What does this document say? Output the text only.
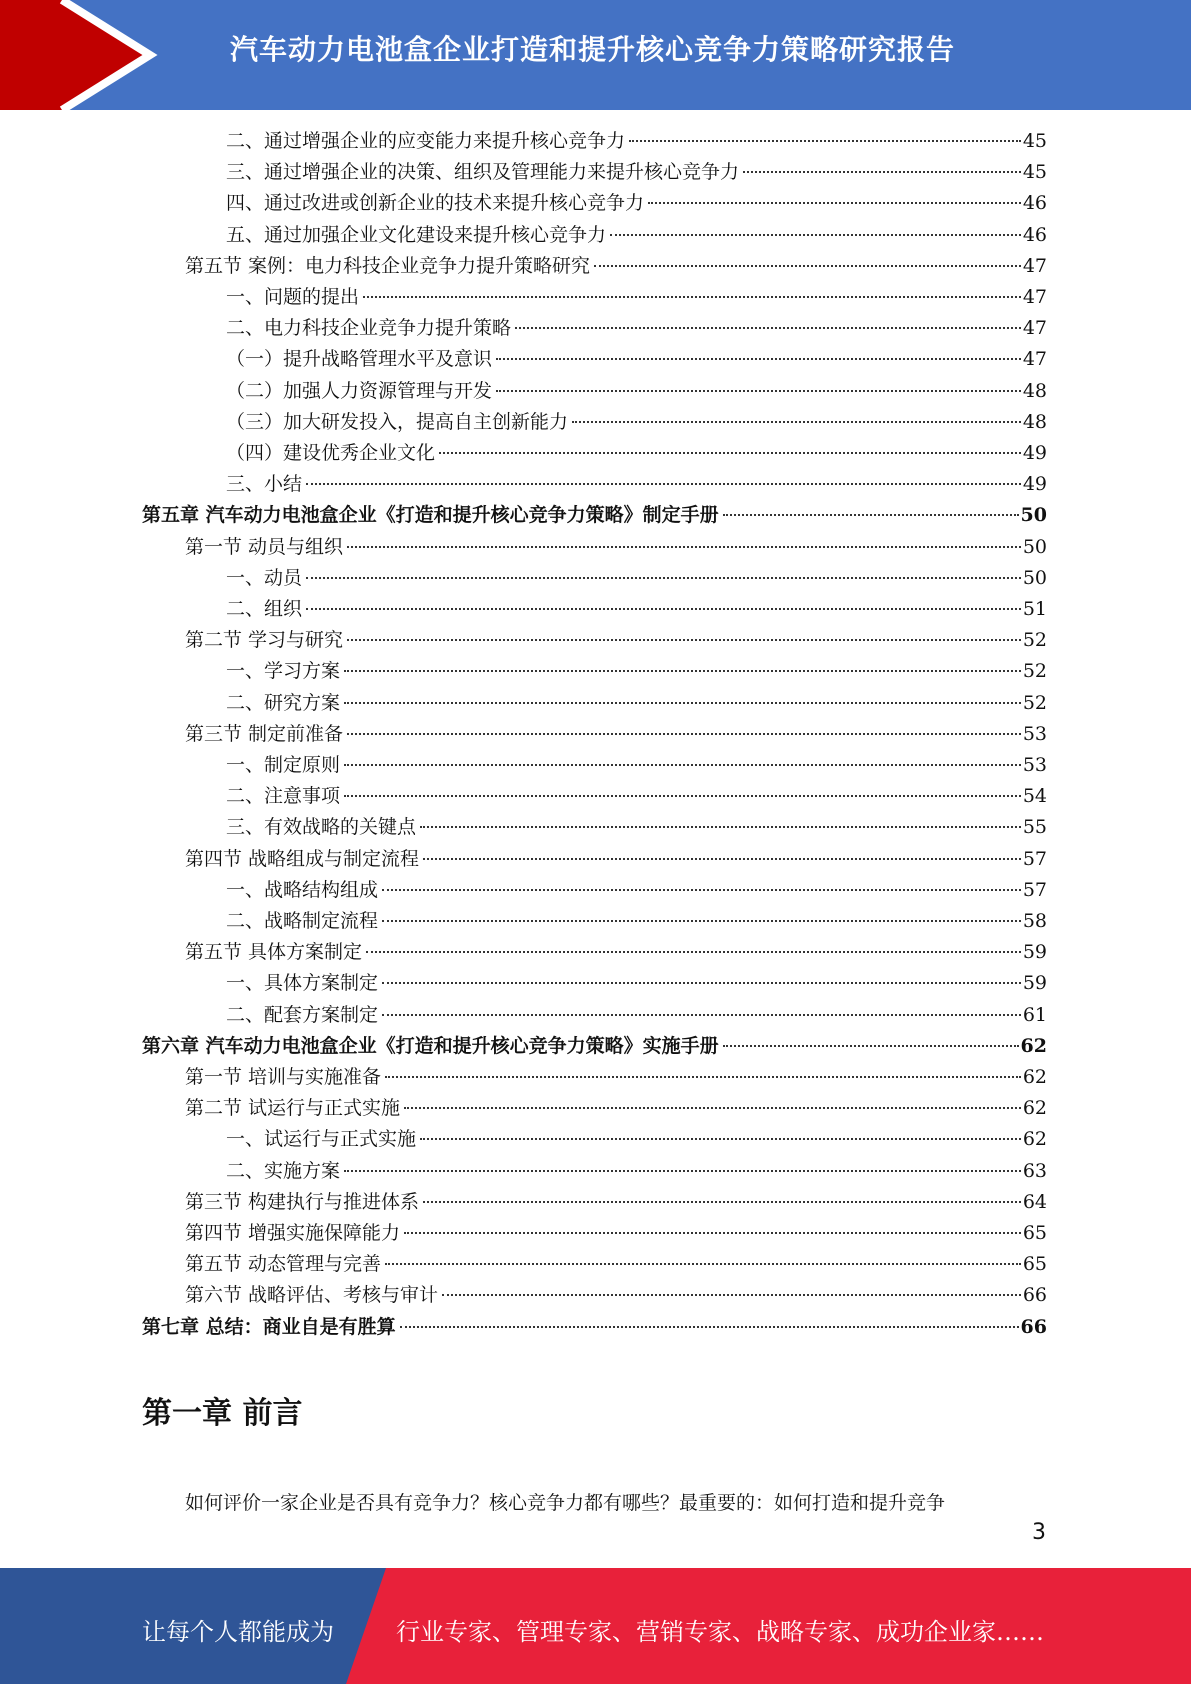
汽车动力电池盒企业打造和提升核心竞争力策略研究报告
二、通过增强企业的应变能力来提升核心竞争力	45
三、通过增强企业的决策、组织及管理能力来提升核心竞争力	45
四、通过改进或创新企业的技术来提升核心竞争力	46
五、通过加强企业文化建设来提升核心竞争力	46
第五节 案例：电力科技企业竞争力提升策略研究	47
一、问题的提出	47
二、电力科技企业竞争力提升策略	47
（一）提升战略管理水平及意识	47
（二）加强人力资源管理与开发	48
（三）加大研发投入，提高自主创新能力	48
（四）建设优秀企业文化	49
三、小结	49
第五章 汽车动力电池盒企业《打造和提升核心竞争力策略》制定手册	50
第一节 动员与组织	50
一、动员	50
二、组织	51
第二节 学习与研究	52
一、学习方案	52
二、研究方案	52
第三节 制定前准备	53
一、制定原则	53
二、注意事项	54
三、有效战略的关键点	55
第四节 战略组成与制定流程	57
一、战略结构组成	57
二、战略制定流程	58
第五节 具体方案制定	59
一、具体方案制定	59
二、配套方案制定	61
第六章 汽车动力电池盒企业《打造和提升核心竞争力策略》实施手册	62
第一节 培训与实施准备	62
第二节 试运行与正式实施	62
一、试运行与正式实施	62
二、实施方案	63
第三节 构建执行与推进体系	64
第四节 增强实施保障能力	65
第五节 动态管理与完善	65
第六节 战略评估、考核与审计	66
第七章 总结：商业自是有胜算	66
第一章 前言
如何评价一家企业是否具有竞争力？核心竞争力都有哪些？最重要的：如何打造和提升竞争
3
让每个人都能成为	行业专家、管理专家、营销专家、战略专家、成功企业家……
